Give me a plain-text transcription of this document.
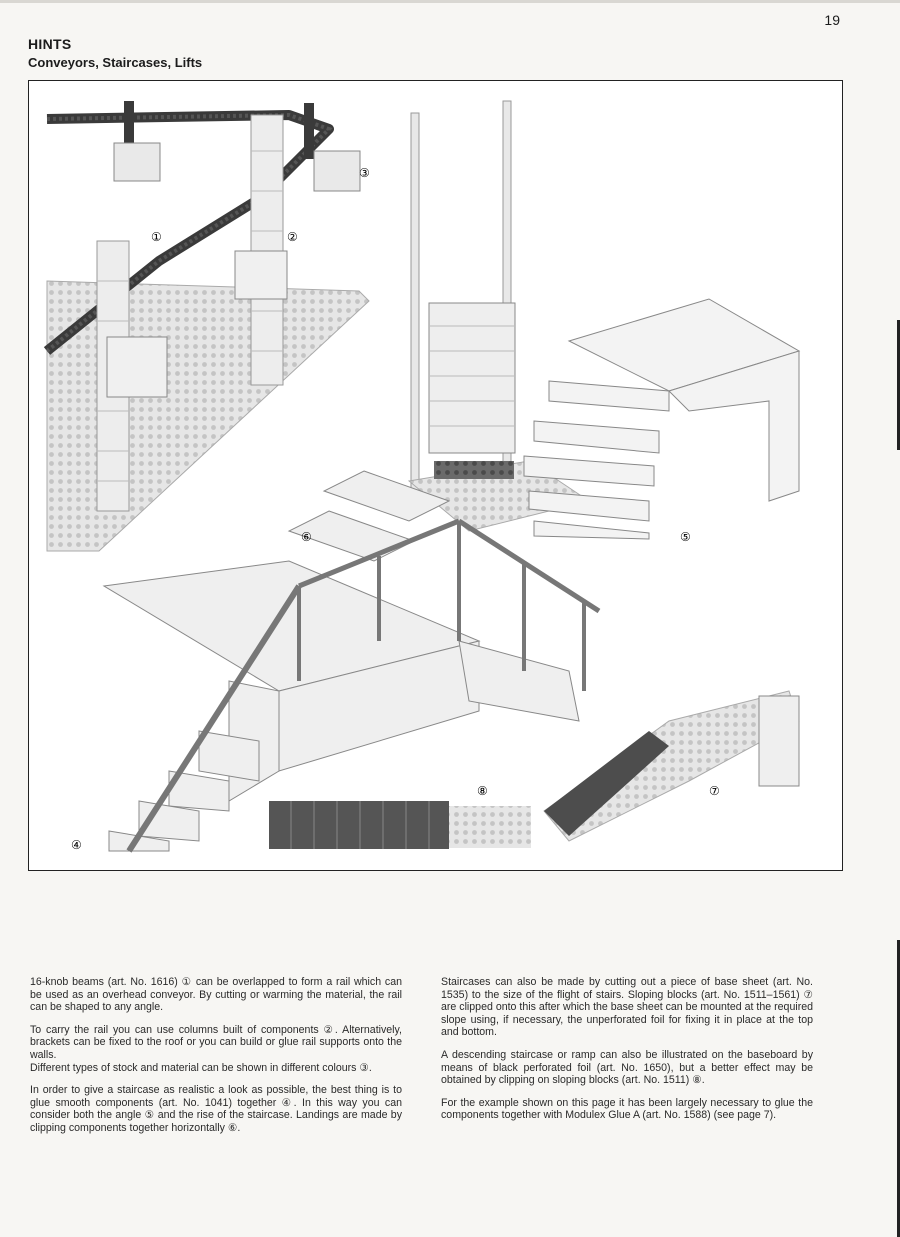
19
HINTS
Conveyors, Staircases, Lifts
①	②
③
④
⑤
⑥
⑦
⑧

16-knob beams (art. No. 1616) ① can be overlapped to form a rail which can be used as an overhead conveyor. By cutting or warming the material, the rail can be shaped to any angle.

To carry the rail you can use columns built of components ②. Alternatively, brackets can be fixed to the roof or you can build or glue rail supports onto the walls.

Different types of stock and material can be shown in different colours ③.

In order to give a staircase as realistic a look as possible, the best thing is to glue smooth components (art. No. 1041) together ④. In this way you can consider both the angle ⑤ and the rise of the staircase. Landings are made by clipping components together horizontally ⑥.

Staircases can also be made by cutting out a piece of base sheet (art. No. 1535) to the size of the flight of stairs. Sloping blocks (art. No. 1511–1561) ⑦ are clipped onto this after which the base sheet can be mounted at the required slope using, if necessary, the unperforated foil for fixing it in place at the top and bottom.

A descending staircase or ramp can also be illustrated on the baseboard by means of black perforated foil (art. No. 1650), but a better effect may be obtained by clipping on sloping blocks (art. No. 1511) ⑧.

For the example shown on this page it has been largely necessary to glue the components together with Modulex Glue A (art. No. 1588) (see page 7).
